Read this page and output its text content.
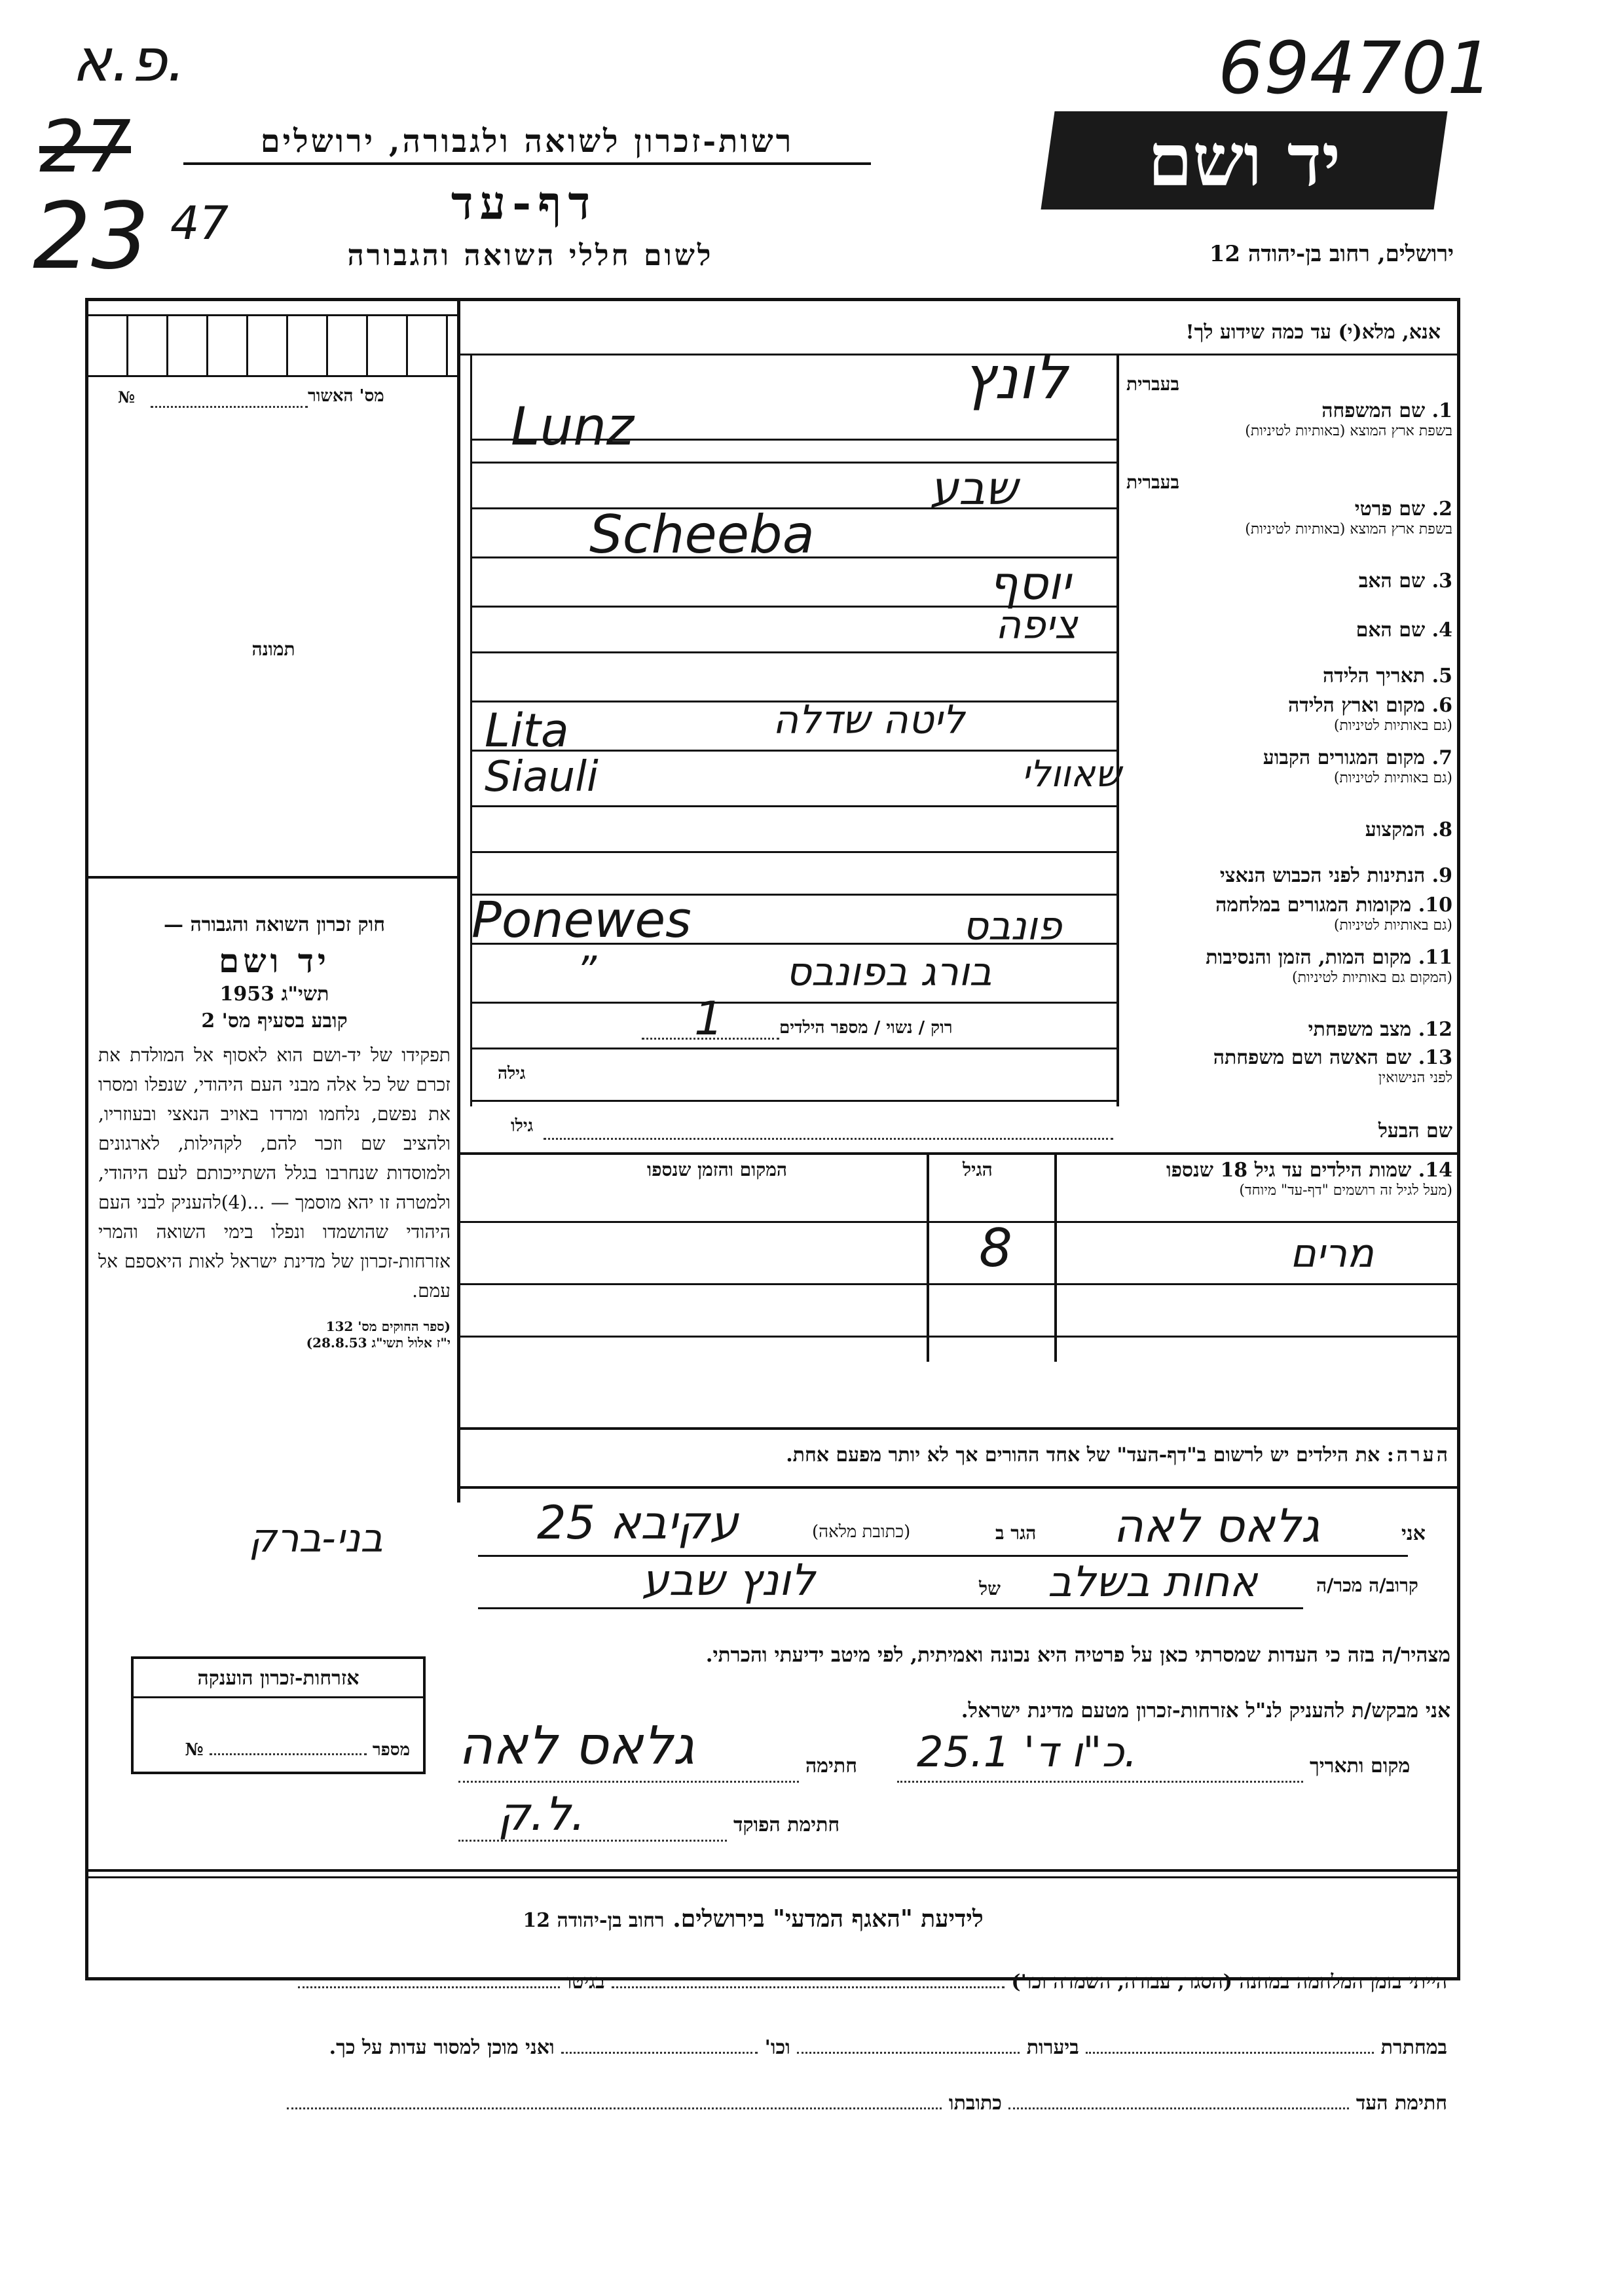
פ.א.
27
23 47
694701
רשות-זכרון לשואה ולגבורה, ירושלים
דף-עד
לשום חללי השואה והגבורה
יד ושם
ירושלים, רחוב בן-יהודה 12
מס' האשור
№
תמונה
חוק זכרון השואה והגבורה —
יד ושם
תשי"ג 1953
קובע בסעיף מס' 2
תפקידו של יד-ושם הוא לאסוף אל המולדת את זכרם של כל אלה מבני העם היהודי, שנפלו ומסרו את נפשם, נלחמו ומרדו באויב הנאצי ובעוזריו, ולהציב שם וזכר להם, לקהילות, לארגונים ולמוסדות שנחרבו בגלל השתייכותם לעם היהודי, ולמטרה זו יהא מוסמך — ...(4)להעניק לבני העם היהודי שהושמדו ונפלו בימי השואה והמרי אזרחות-זכרון של מדינת ישראל לאות היאספם אל עמם.
(ספר החוקים מס' 132
י"ז אלול תשי"ג 28.8.53)
אנא, מלא(י) עד כמה שידוע לך!
1. שם המשפחה
בשפת ארץ המוצא (באותיות לטיניות)
בעברית
2. שם פרטי
בשפת ארץ המוצא (באותיות לטיניות)
בעברית
3. שם האב
4. שם האם
5. תאריך הלידה
6. מקום וארץ הלידה
(גם באותיות לטיניות)
7. מקום המגורים הקבוע
(גם באותיות לטיניות)
8. המקצוע
9. הנתינות לפני הכבוש הנאצי
10. מקומות המגורים במלחמה
(גם באותיות לטיניות)
11. מקום המות, הזמן והנסיבות
(המקום גם באותיות לטיניות)
12. מצב משפחתי
13. שם האשה ושם משפחתה
לפני הנישואין
שם הבעל
לונץ
Lunz
שבע
Scheeba
יוסף
ציפה
ליטה שדלה
Lita
שאוולי
Siauli
פונבס
Ponewes
בורג בפונבס
”
רוק / נשוי / מספר הילדים
1
גילה
גילו
14. שמות הילדים עד גיל 18 שנספו
(מעל לגיל זה רושמים "דף-עד" מיוחד)
הגיל
המקום והזמן שנספו
מרים
8
הערה: את הילדים יש לרשום ב"דף-העד" של אחד ההורים אך לא יותר מפעם אחת.
אני
גלאס לאה
הגר ב
(כתובת מלאה)
עקיבא 25
בני-ברק
קרוב/ה מכר/ה
אחות בשלב
של
לונץ שבע
מצהיר/ה בזה כי העדות שמסרתי כאן על פרטיה היא נכונה ואמיתית, לפי מיטב ידיעתי והכרתי.
אני מבקש/ת להעניק לנ"ל אזרחות-זכרון מטעם מדינת ישראל.
מקום ותאריך
כ"ו ד' 25.1.
חתימה
גלאס לאה
חתימת הפוקד
ל.ק.
אזרחות-זכרון הוענקה
מספר  №
לידיעת "האגף המדעי" בירושלים. רחוב בן-יהודה 12
הייתי בזמן המלחמה במחנה (הסגר, עבודה, השמדה וכו')  בגיטו
במחתרת  ביערות  וכו'  ואני מוכן למסור עדות על כך.
חתימת העד  כתובתו
